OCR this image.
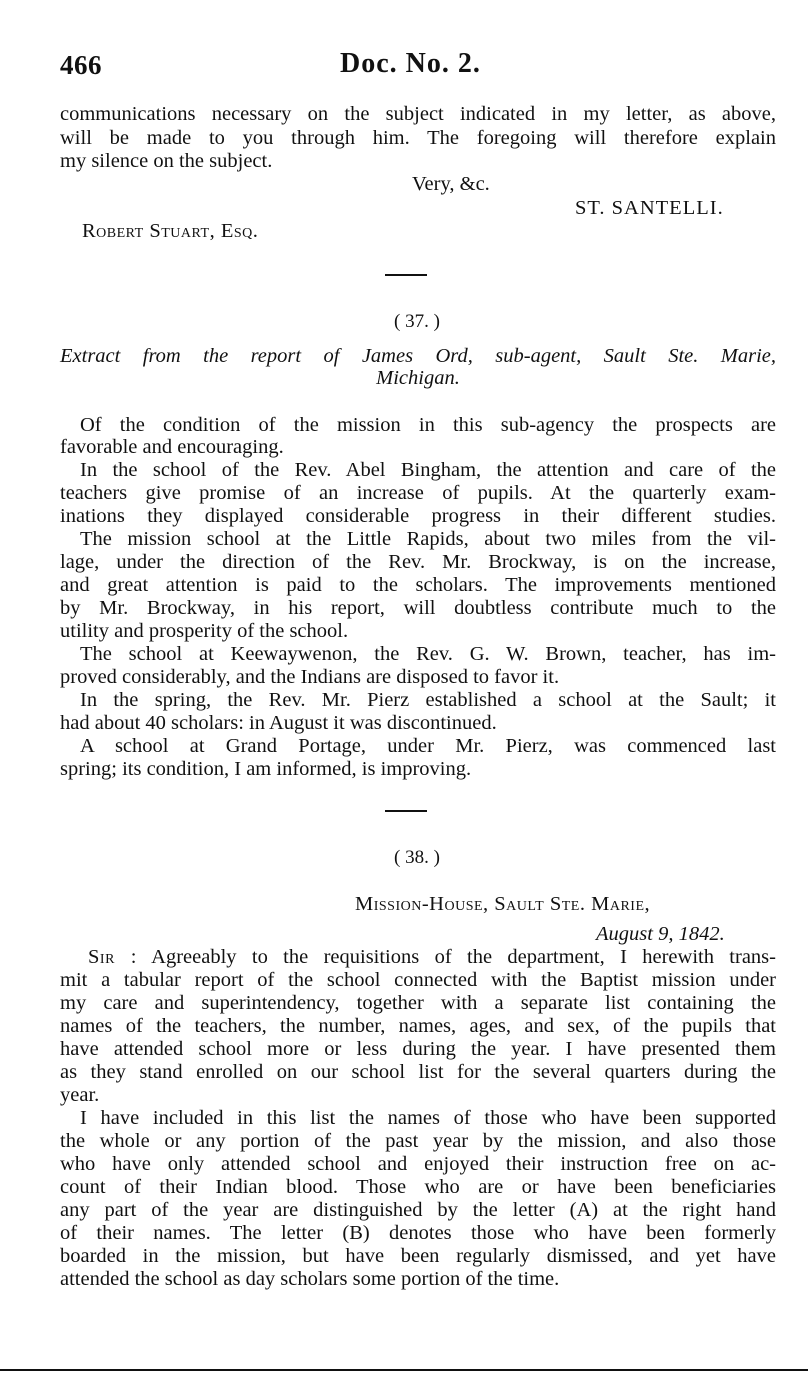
466	Doc. No. 2.
communications necessary on the subject indicated in my letter, as above,
will be made to you through him. The foregoing will therefore explain
my silence on the subject.
Very, &c.
ST. SANTELLI.
Robert Stuart, Esq.
( 37. )
Extract from the report of James Ord, sub-agent, Sault Ste. Marie,
Michigan.
Of the condition of the mission in this sub-agency the prospects are
favorable and encouraging.
In the school of the Rev. Abel Bingham, the attention and care of the
teachers give promise of an increase of pupils. At the quarterly exam-
inations they displayed considerable progress in their different studies.
The mission school at the Little Rapids, about two miles from the vil-
lage, under the direction of the Rev. Mr. Brockway, is on the increase,
and great attention is paid to the scholars. The improvements mentioned
by Mr. Brockway, in his report, will doubtless contribute much to the
utility and prosperity of the school.
The school at Keewaywenon, the Rev. G. W. Brown, teacher, has im-
proved considerably, and the Indians are disposed to favor it.
In the spring, the Rev. Mr. Pierz established a school at the Sault; it
had about 40 scholars: in August it was discontinued.
A school at Grand Portage, under Mr. Pierz, was commenced last
spring; its condition, I am informed, is improving.
( 38. )
Mission-House, Sault Ste. Marie,
August 9, 1842.
Sir : Agreeably to the requisitions of the department, I herewith trans-
mit a tabular report of the school connected with the Baptist mission under
my care and superintendency, together with a separate list containing the
names of the teachers, the number, names, ages, and sex, of the pupils that
have attended school more or less during the year. I have presented them
as they stand enrolled on our school list for the several quarters during the
year.
I have included in this list the names of those who have been supported
the whole or any portion of the past year by the mission, and also those
who have only attended school and enjoyed their instruction free on ac-
count of their Indian blood. Those who are or have been beneficiaries
any part of the year are distinguished by the letter (A) at the right hand
of their names. The letter (B) denotes those who have been formerly
boarded in the mission, but have been regularly dismissed, and yet have
attended the school as day scholars some portion of the time.
